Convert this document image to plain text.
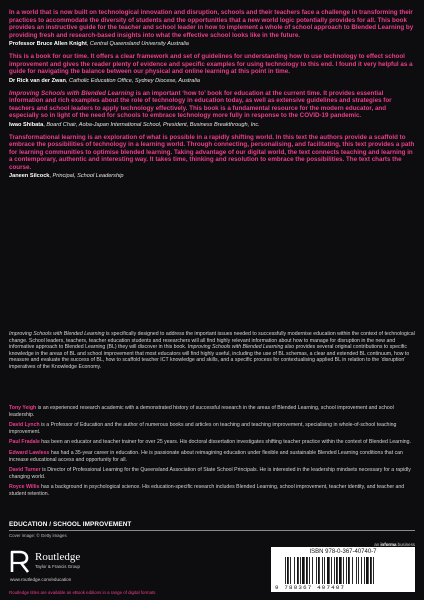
In a world that is now built on technological innovation and disruption, schools and their teachers face a challenge in transforming their practices to accommodate the diversity of students and the opportunities that a new world logic potentially provides for all. This book provides an instructive guide for the teacher and school leader in how to implement a whole of school approach to Blended Learning by providing fresh and research-based insights into what the effective school looks like in the future.

Professor Bruce Allen Knight, Central Queensland University Australia

This is a book for our time. It offers a clear framework and set of guidelines for understanding how to use technology to effect school improvement and gives the reader plenty of evidence and specific examples for using technology to this end. I found it very helpful as a guide for navigating the balance between our physical and online learning at this point in time.

Dr Rick van der Zwan, Catholic Education Office, Sydney Diocese, Australia

Improving Schools with Blended Learning is an important ‘how to’ book for education at the current time. It provides essential information and rich examples about the role of technology in education today, as well as extensive guidelines and strategies for teachers and school leaders to apply technology effectively. This book is a fundamental resource for the modern educator, and especially so in light of the need for schools to embrace technology more fully in response to the COVID-19 pandemic.

Iwao Shibata, Board Chair, Aoba-Japan International School, President, Business Breakthrough, Inc.

Transformational learning is an exploration of what is possible in a rapidly shifting world. In this text the authors provide a scaffold to embrace the possibilities of technology in a learning world. Through connecting, personalising, and facilitating, this text provides a path for learning communities to optimise blended learning. Taking advantage of our digital world, the text connects teaching and learning in a contemporary, authentic and interesting way. It takes time, thinking and resolution to embrace the possibilities. The text charts the course.

Janeen Silcock, Principal, School Leadership

Improving Schools with Blended Learning is specifically designed to address the important issues needed to successfully modernise education within the context of technological change. School leaders, teachers, teacher education students and researchers will all find highly relevant information about how to manage for disruption in the new and informative approach to Blended Learning (BL) they will discover in this book. Improving Schools with Blended Learning also provides several original contributions to specific knowledge in the areas of BL and school improvement that most educators will find highly useful, including the use of BL schemas, a clear and extended BL continuum, how to measure and evaluate the success of BL, how to scaffold teacher ICT knowledge and skills, and a specific process for contextualising applied BL in relation to the ‘disruption’ imperatives of the Knowledge Economy.

Tony Yeigh is an experienced research academic with a demonstrated history of successful research in the areas of Blended Learning, school improvement and school leadership.

David Lynch is a Professor of Education and the author of numerous books and articles on teaching and teaching improvement, specialising in whole-of-school teaching improvement.

Paul Fradale has been an educator and teacher trainer for over 25 years. His doctoral dissertation investigates shifting teacher practice within the context of Blended Learning.

Edward Lawless has had a 35-year career in education. He is passionate about reimagining education under flexible and sustainable Blended Learning conditions that can increase educational access and opportunity for all.

David Turner is Director of Professional Learning for the Queensland Association of State School Principals. He is interested in the leadership mindsets necessary for a rapidly changing world.

Royce Willis has a background in psychological science. His education-specific research includes Blended Learning, school improvement, teacher identity, and teacher and student retention.

EDUCATION / SCHOOL IMPROVEMENT
Cover image: © Getty images
an informa business
Routledge
Taylor & Francis Group
www.routledge.com/education
ISBN 978-0-367-40740-7
9 780367 407407
Routledge titles are available as eBook editions in a range of digital formats
